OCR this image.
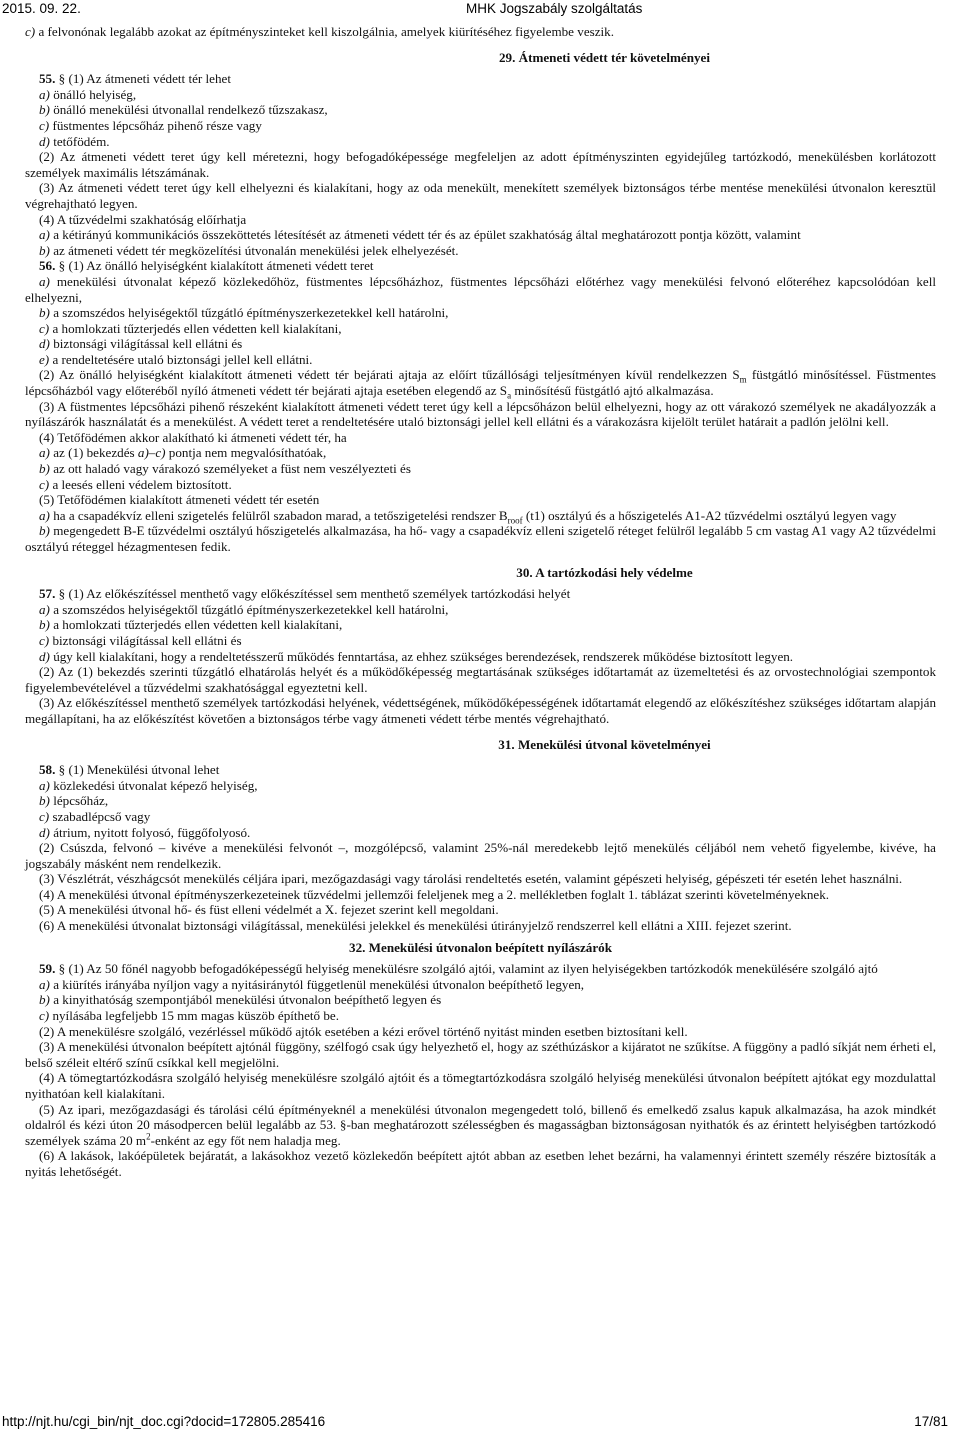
2015. 09. 22.	MHK Jogszabály szolgáltatás

c) a felvonónak legalább azokat az építményszinteket kell kiszolgálnia, amelyek kiürítéséhez figyelembe veszik.

29. Átmeneti védett tér követelményei

55. § (1) Az átmeneti védett tér lehet

a) önálló helyiség,

b) önálló menekülési útvonallal rendelkező tűzszakasz,

c) füstmentes lépcsőház pihenő része vagy

d) tetőfödém.

(2) Az átmeneti védett teret úgy kell méretezni, hogy befogadóképessége megfeleljen az adott építményszinten egyidejűleg tartózkodó, menekülésben korlátozott személyek maximális létszámának.

(3) Az átmeneti védett teret úgy kell elhelyezni és kialakítani, hogy az oda menekült, menekített személyek biztonságos térbe mentése menekülési útvonalon keresztül végrehajtható legyen.

(4) A tűzvédelmi szakhatóság előírhatja

a) a kétirányú kommunikációs összeköttetés létesítését az átmeneti védett tér és az épület szakhatóság által meghatározott pontja között, valamint

b) az átmeneti védett tér megközelítési útvonalán menekülési jelek elhelyezését.

56. § (1) Az önálló helyiségként kialakított átmeneti védett teret

a) menekülési útvonalat képező közlekedőhöz, füstmentes lépcsőházhoz, füstmentes lépcsőházi előtérhez vagy menekülési felvonó előteréhez kapcsolódóan kell elhelyezni,

b) a szomszédos helyiségektől tűzgátló építményszerkezetekkel kell határolni,

c) a homlokzati tűzterjedés ellen védetten kell kialakítani,

d) biztonsági világítással kell ellátni és

e) a rendeltetésére utaló biztonsági jellel kell ellátni.

(2) Az önálló helyiségként kialakított átmeneti védett tér bejárati ajtaja az előírt tűzállósági teljesítményen kívül rendelkezzen $S_m$ füstgátló minősítéssel. Füstmentes lépcsőházból vagy előteréből nyíló átmeneti védett tér bejárati ajtaja esetében elegendő az $S_a$ minősítésű füstgátló ajtó alkalmazása.

(3) A füstmentes lépcsőházi pihenő részeként kialakított átmeneti védett teret úgy kell a lépcsőházon belül elhelyezni, hogy az ott várakozó személyek ne akadályozzák a nyílászárók használatát és a menekülést. A védett teret a rendeltetésére utaló biztonsági jellel kell ellátni és a várakozásra kijelölt terület határait a padlón jelölni kell.

(4) Tetőfödémen akkor alakítható ki átmeneti védett tér, ha

a) az (1) bekezdés a)–c) pontja nem megvalósíthatóak,

b) az ott haladó vagy várakozó személyeket a füst nem veszélyezteti és

c) a leesés elleni védelem biztosított.

(5) Tetőfödémen kialakított átmeneti védett tér esetén

a) ha a csapadékvíz elleni szigetelés felülről szabadon marad, a tetőszigetelési rendszer $B_{roof}$ (t1) osztályú és a hőszigetelés A1-A2 tűzvédelmi osztályú legyen vagy

b) megengedett B-E tűzvédelmi osztályú hőszigetelés alkalmazása, ha hő- vagy a csapadékvíz elleni szigetelő réteget felülről legalább 5 cm vastag A1 vagy A2 tűzvédelmi osztályú réteggel hézagmentesen fedik.

30. A tartózkodási hely védelme

57. § (1) Az előkészítéssel menthető vagy előkészítéssel sem menthető személyek tartózkodási helyét

a) a szomszédos helyiségektől tűzgátló építményszerkezetekkel kell határolni,

b) a homlokzati tűzterjedés ellen védetten kell kialakítani,

c) biztonsági világítással kell ellátni és

d) úgy kell kialakítani, hogy a rendeltetésszerű működés fenntartása, az ehhez szükséges berendezések, rendszerek működése biztosított legyen.

(2) Az (1) bekezdés szerinti tűzgátló elhatárolás helyét és a működőképesség megtartásának szükséges időtartamát az üzemeltetési és az orvostechnológiai szempontok figyelembevételével a tűzvédelmi szakhatósággal egyeztetni kell.

(3) Az előkészítéssel menthető személyek tartózkodási helyének, védettségének, működőképességének időtartamát elegendő az előkészítéshez szükséges időtartam alapján megállapítani, ha az előkészítést követően a biztonságos térbe vagy átmeneti védett térbe mentés végrehajtható.

31. Menekülési útvonal követelményei

58. § (1) Menekülési útvonal lehet

a) közlekedési útvonalat képező helyiség,

b) lépcsőház,

c) szabadlépcső vagy

d) átrium, nyitott folyosó, függőfolyosó.

(2) Csúszda, felvonó – kivéve a menekülési felvonót –, mozgólépcső, valamint 25%-nál meredekebb lejtő menekülés céljából nem vehető figyelembe, kivéve, ha jogszabály másként nem rendelkezik.

(3) Vészlétrát, vészhágcsót menekülés céljára ipari, mezőgazdasági vagy tárolási rendeltetés esetén, valamint gépészeti helyiség, gépészeti tér esetén lehet használni.

(4) A menekülési útvonal építményszerkezeteinek tűzvédelmi jellemzői feleljenek meg a 2. mellékletben foglalt 1. táblázat szerinti követelményeknek.

(5) A menekülési útvonal hő- és füst elleni védelmét a X. fejezet szerint kell megoldani.

(6) A menekülési útvonalat biztonsági világítással, menekülési jelekkel és menekülési útirányjelző rendszerrel kell ellátni a XIII. fejezet szerint.

32. Menekülési útvonalon beépített nyílászárók

59. § (1) Az 50 főnél nagyobb befogadóképességű helyiség menekülésre szolgáló ajtói, valamint az ilyen helyiségekben tartózkodók menekülésére szolgáló ajtó

a) a kiürítés irányába nyíljon vagy a nyitásiránytól függetlenül menekülési útvonalon beépíthető legyen,

b) a kinyithatóság szempontjából menekülési útvonalon beépíthető legyen és

c) nyílásába legfeljebb 15 mm magas küszöb építhető be.

(2) A menekülésre szolgáló, vezérléssel működő ajtók esetében a kézi erővel történő nyitást minden esetben biztosítani kell.

(3) A menekülési útvonalon beépített ajtónál függöny, szélfogó csak úgy helyezhető el, hogy az széthúzáskor a kijáratot ne szűkítse. A függöny a padló síkját nem érheti el, belső széleit eltérő színű csíkkal kell megjelölni.

(4) A tömegtartózkodásra szolgáló helyiség menekülésre szolgáló ajtóit és a tömegtartózkodásra szolgáló helyiség menekülési útvonalon beépített ajtókat egy mozdulattal nyithatóan kell kialakítani.

(5) Az ipari, mezőgazdasági és tárolási célú építményeknél a menekülési útvonalon megengedett toló, billenő és emelkedő zsalus kapuk alkalmazása, ha azok mindkét oldalról és kézi úton 20 másodpercen belül legalább az 53. §-ban meghatározott szélességben és magasságban biztonságosan nyithatók és az érintett helyiségben tartózkodó személyek száma 20 $m^2$-enként az egy főt nem haladja meg.

(6) A lakások, lakóépületek bejáratát, a lakásokhoz vezető közlekedőn beépített ajtót abban az esetben lehet bezárni, ha valamennyi érintett személy részére biztosíták a nyitás lehetőségét.

http://njt.hu/cgi_bin/njt_doc.cgi?docid=172805.285416	17/81
